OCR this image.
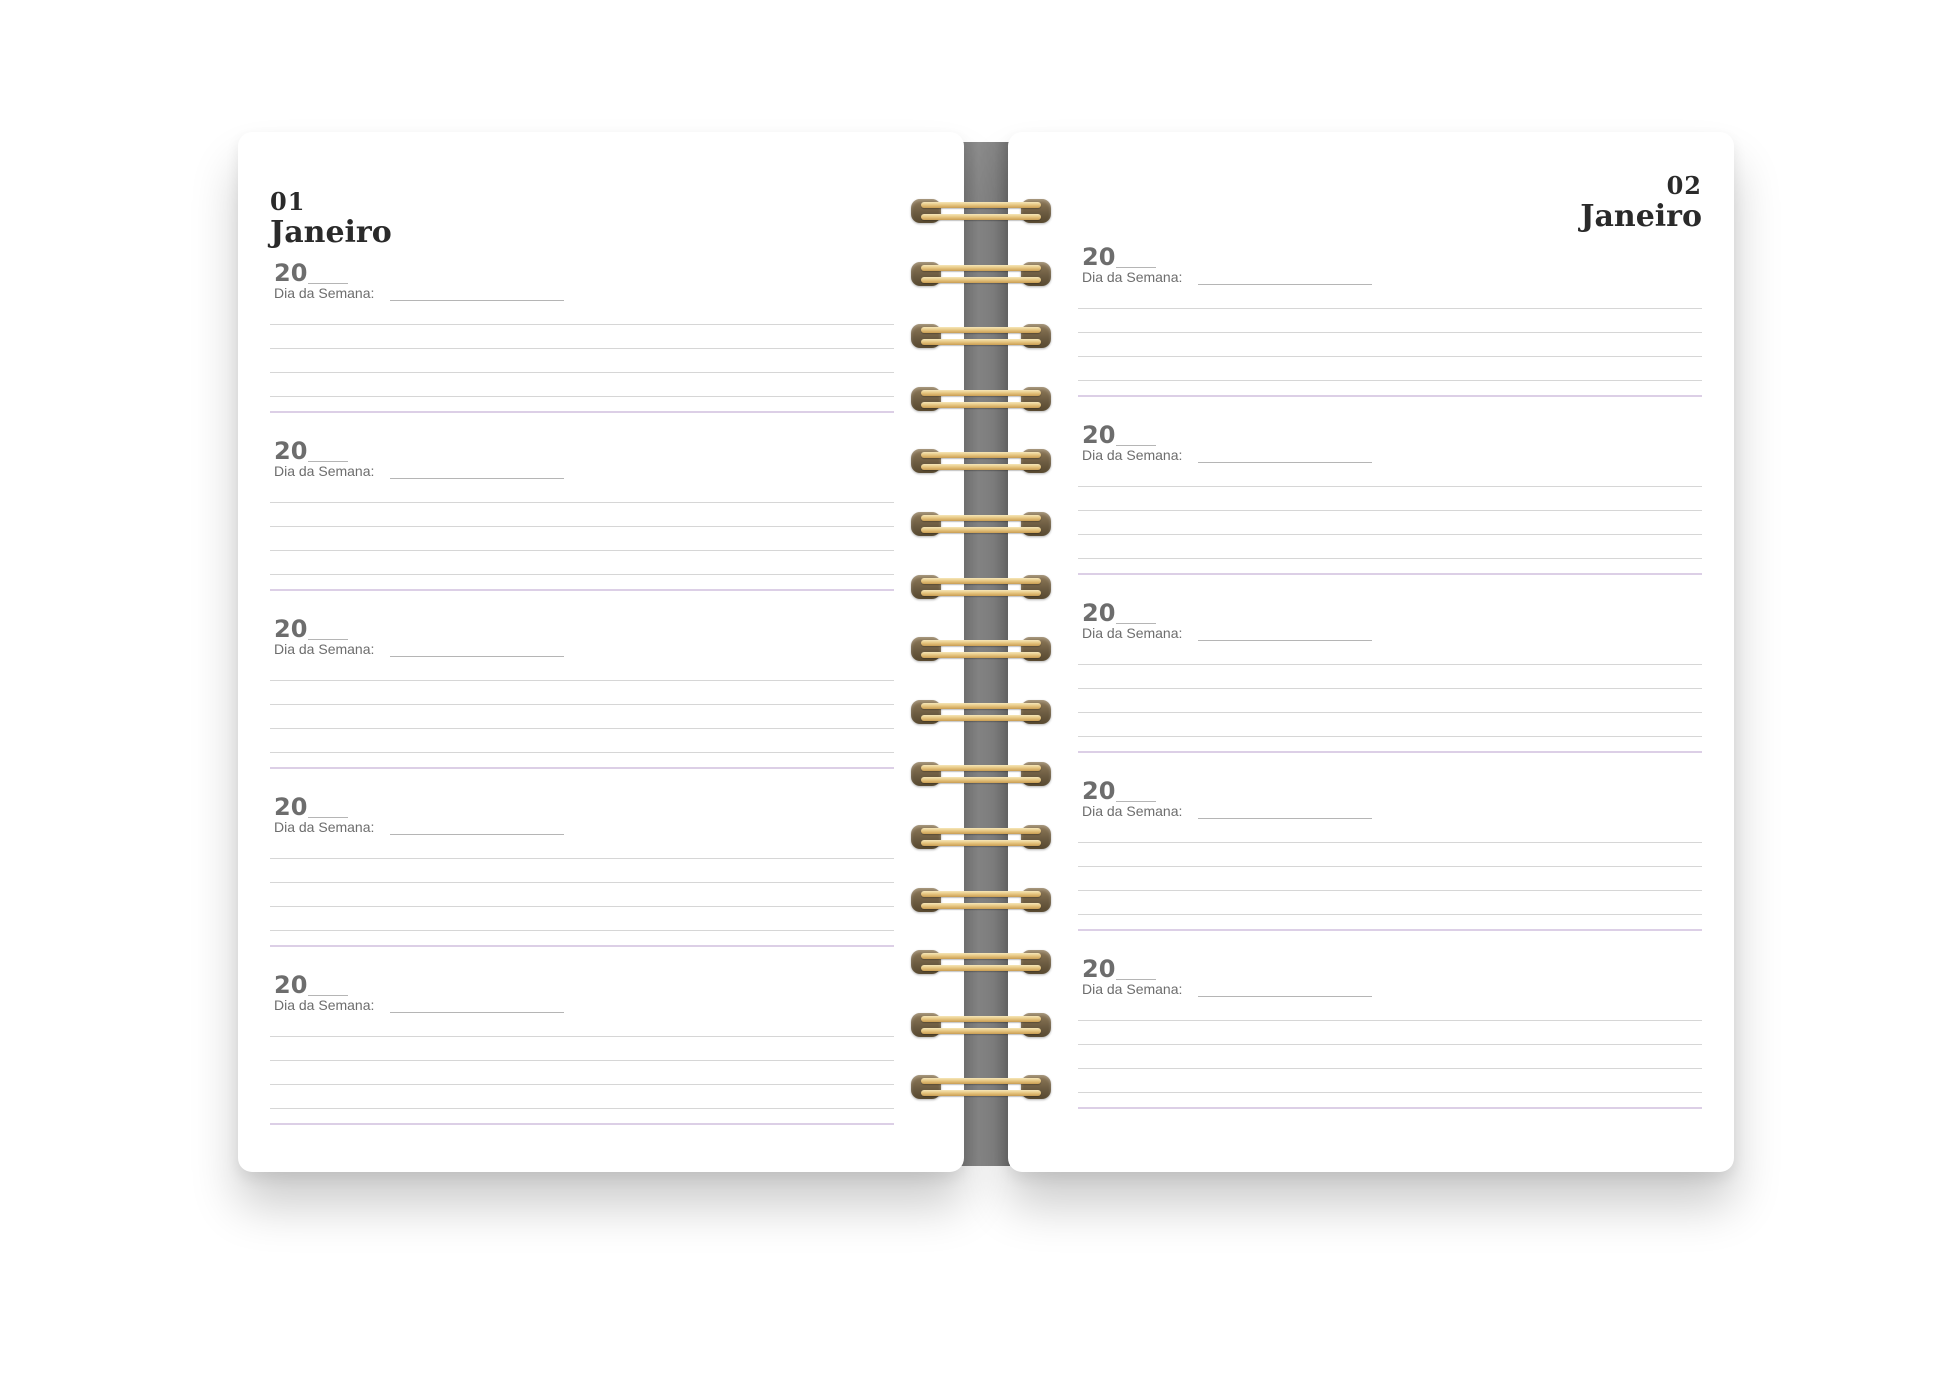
01
Janeiro
20
Dia da Semana:
20
Dia da Semana:
20
Dia da Semana:
20
Dia da Semana:
20
Dia da Semana:
02
Janeiro
20
Dia da Semana:
20
Dia da Semana:
20
Dia da Semana:
20
Dia da Semana:
20
Dia da Semana:
